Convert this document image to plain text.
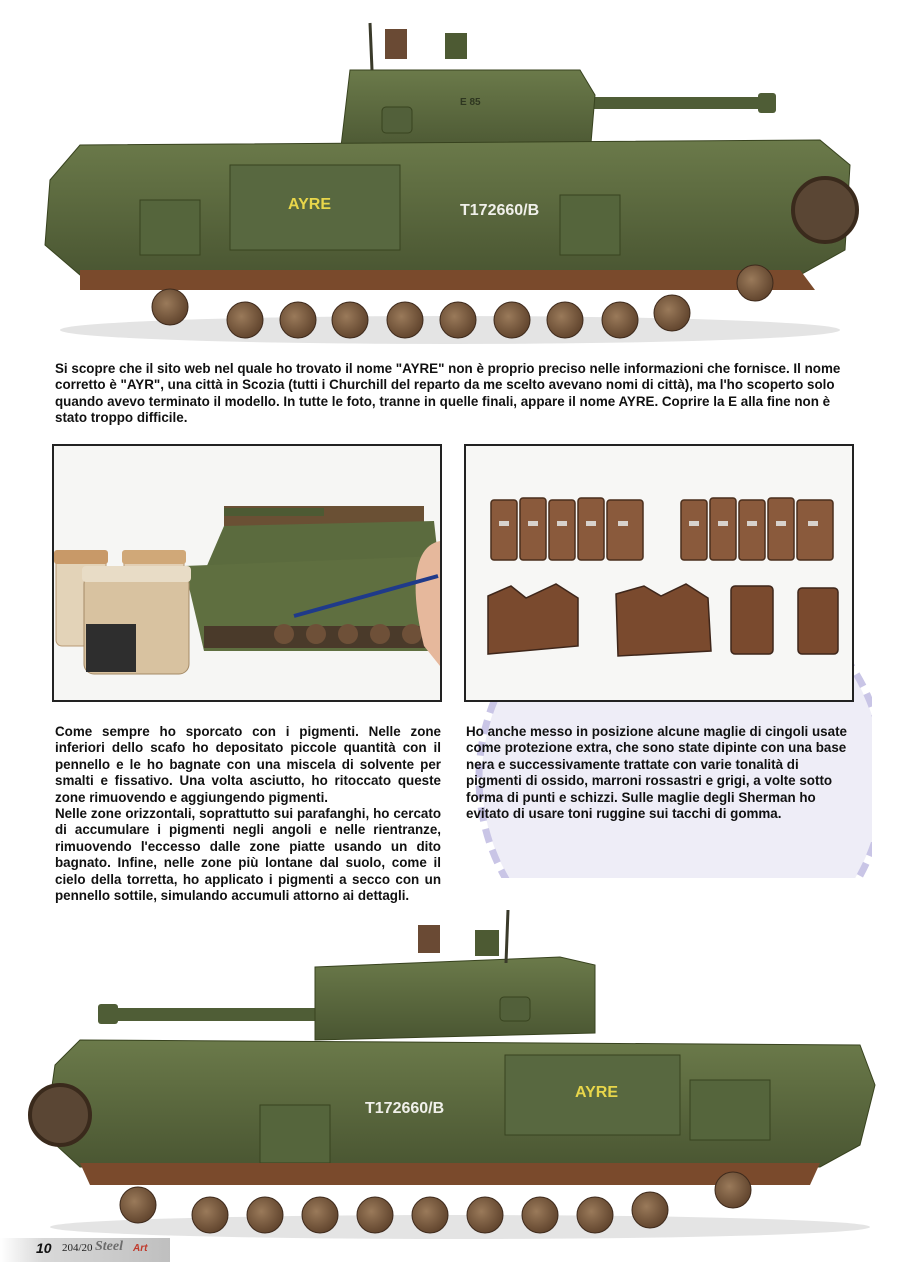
E 85
AYRE	T172660/B

Si scopre che il sito web nel quale ho trovato il nome "AYRE" non è proprio preciso nelle informazioni che fornisce. Il nome corretto è "AYR", una città in Scozia (tutti i Churchill del reparto da me scelto avevano nomi di città), ma l'ho scoperto solo quando avevo terminato il modello. In tutte le foto, tranne in quelle finali, appare il nome AYRE. Coprire la E alla fine non è stato troppo difficile.

Come sempre ho sporcato con i pigmenti. Nelle zone inferiori dello scafo ho depositato piccole quantità con il pennello e le ho bagnate con una miscela di solvente per smalti e fissativo. Una volta asciutto, ho ritoccato queste zone rimuovendo e aggiungendo pigmenti.

Nelle zone orizzontali, soprattutto sui parafanghi, ho cercato di accumulare i pigmenti negli angoli e nelle rientranze, rimuovendo l'eccesso dalle zone piatte usando un dito bagnato. Infine, nelle zone più lontane dal suolo, come il cielo della torretta, ho applicato i pigmenti a secco con un pennello sottile, simulando accumuli attorno ai dettagli.

Ho anche messo in posizione alcune maglie di cingoli usate come protezione extra, che sono state dipinte con una base nera e successivamente trattate con varie tonalità di pigmenti di ossido, marroni rossastri e grigi, a volte sotto forma di punti e schizzi. Sulle maglie degli Sherman ho evitato di usare toni ruggine sui tacchi di gomma.

AYRE
T172660/B
10 204/20 Steel Art
